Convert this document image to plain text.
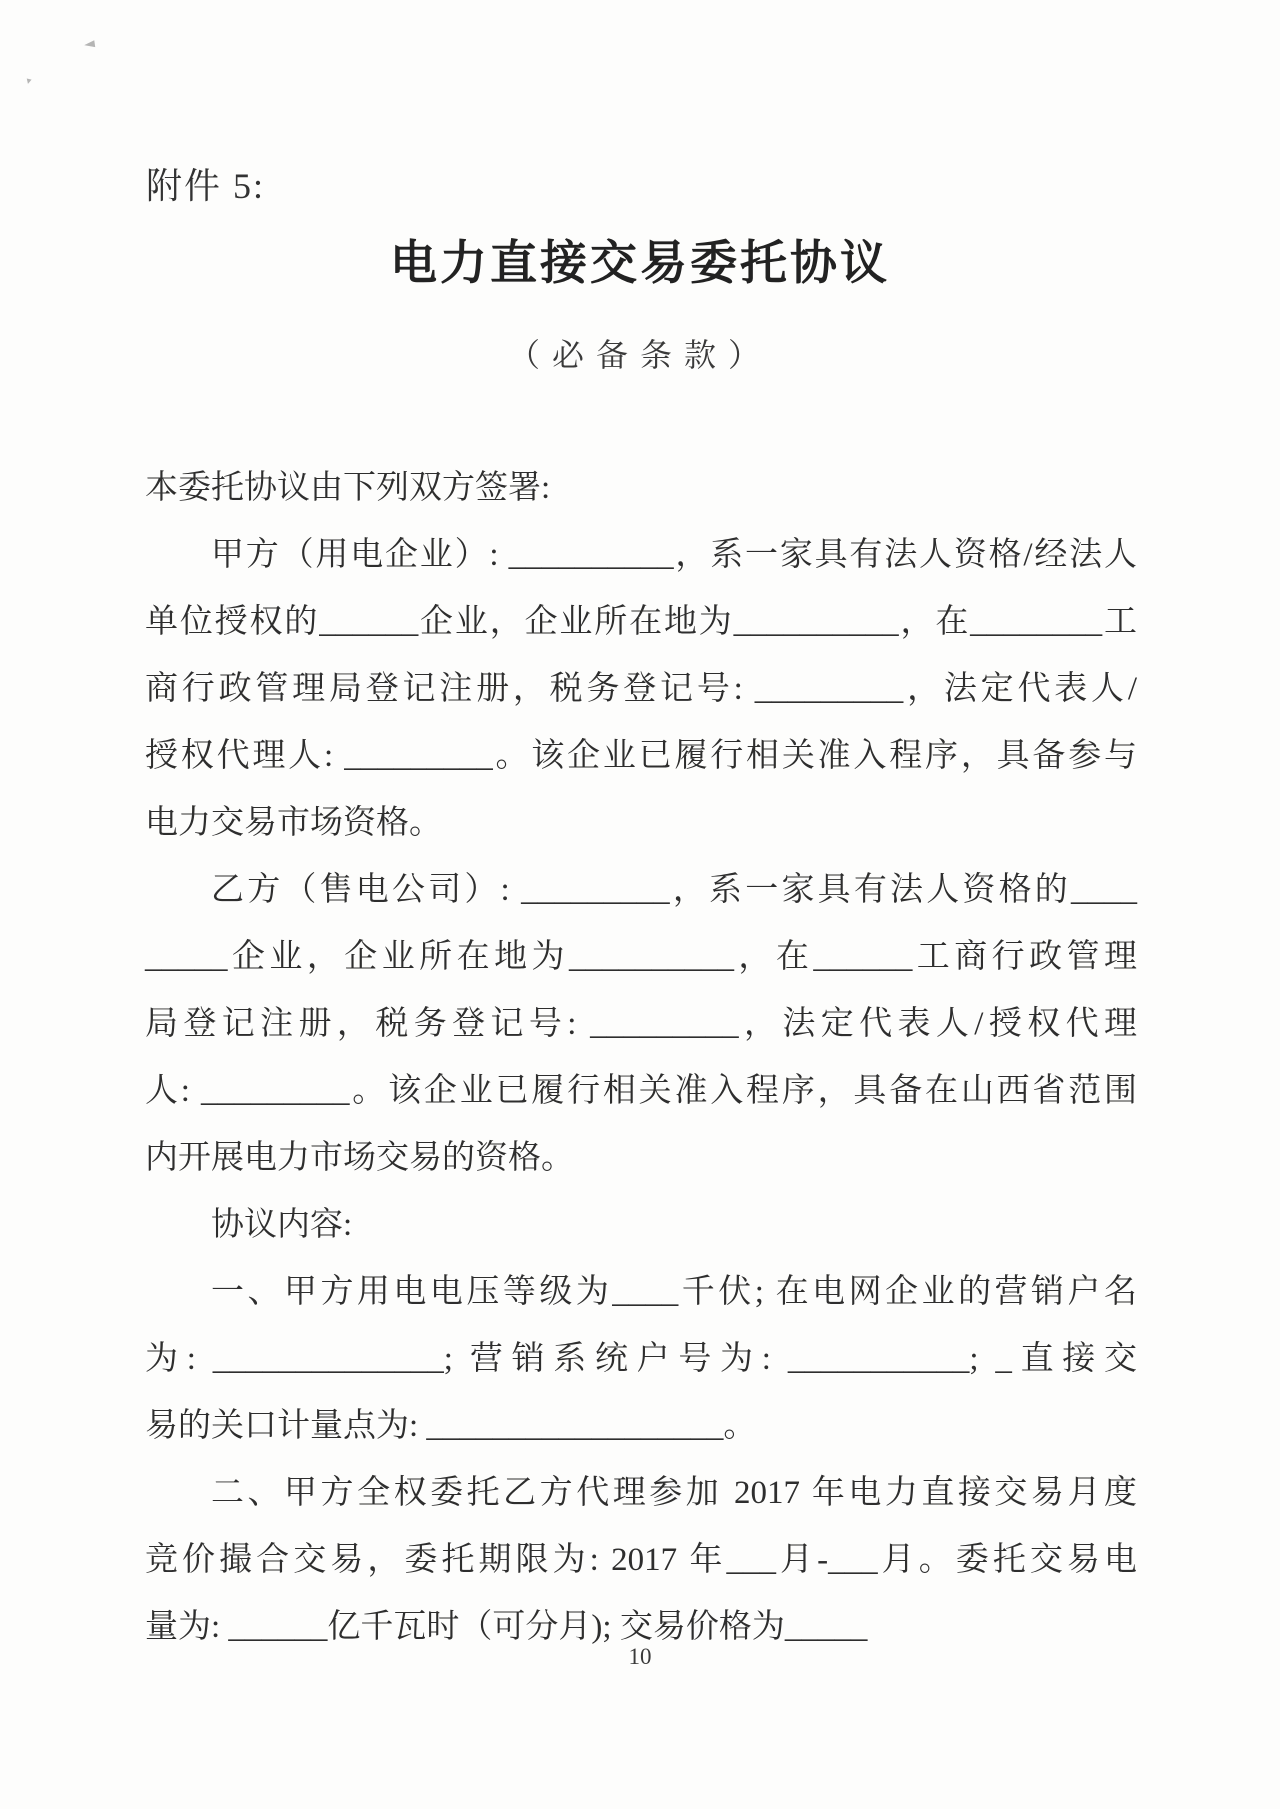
◄
▾
附件 5:
电力直接交易委托协议
（必备条款）
本委托协议由下列双方签署:
甲方（用电企业）: __________，系一家具有法人资格/经法人
单位授权的______企业，企业所在地为__________，在________工
商行政管理局登记注册，税务登记号: _________，法定代表人/
授权代理人: _________。该企业已履行相关准入程序，具备参与
电力交易市场资格。
乙方（售电公司）: _________，系一家具有法人资格的____
_____企业，企业所在地为__________，在______工商行政管理
局登记注册，税务登记号: _________，法定代表人/授权代理
人: _________。该企业已履行相关准入程序，具备在山西省范围
内开展电力市场交易的资格。
协议内容:
一、甲方用电电压等级为____千伏; 在电网企业的营销户名
为: ______________; 营销系统户号为: ___________; _直接交
易的关口计量点为: __________________。
二、甲方全权委托乙方代理参加 2017 年电力直接交易月度
竞价撮合交易，委托期限为: 2017 年___月-___月。委托交易电
量为: ______亿千瓦时（可分月); 交易价格为_____
10
